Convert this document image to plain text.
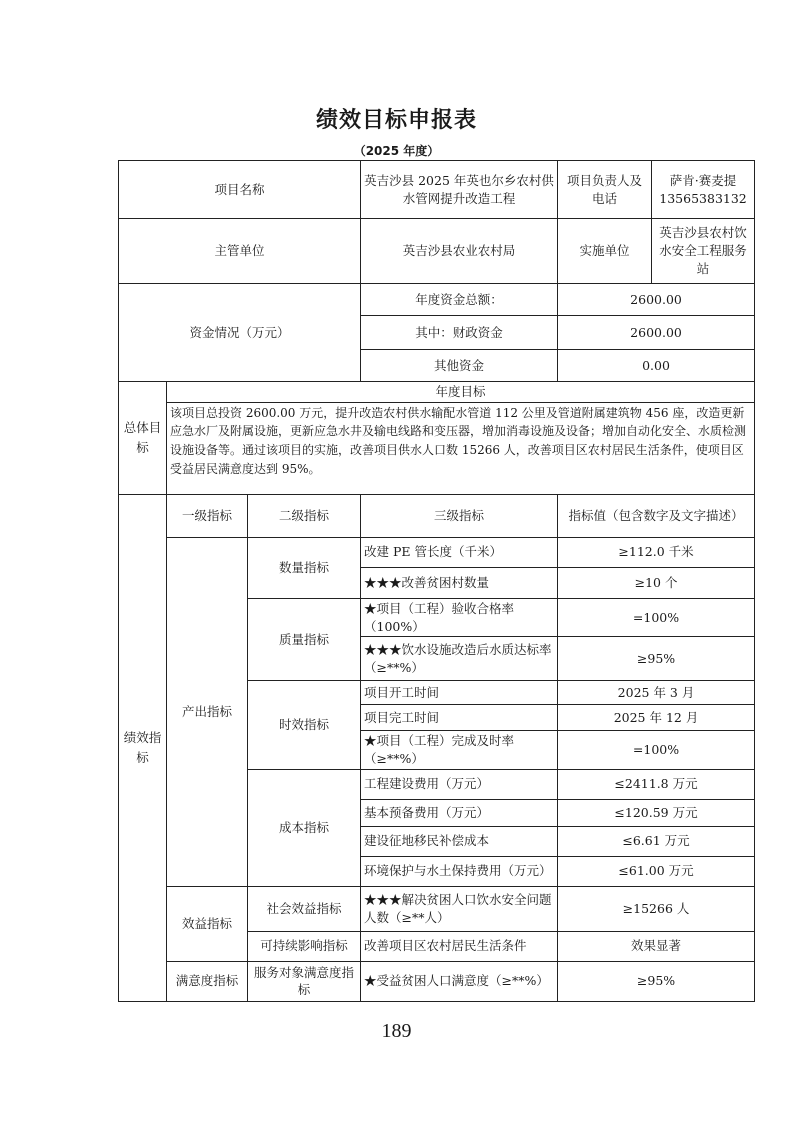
绩效目标申报表
（2025 年度）
项目名称			英吉沙县 2025 年英也尔乡农村供水管网提升改造工程	项目负责人及电话	萨肯·赛麦提 13565383132
主管单位			英吉沙县农业农村局	实施单位	英吉沙县农村饮水安全工程服务站
资金情况（万元）			年度资金总额：	2600.00	
			其中：财政资金	2600.00	
			其他资金	0.00	
总体目标	年度目标				
	该项目总投资 2600.00 万元，提升改造农村供水输配水管道 112 公里及管道附属建筑物 456 座，改造更新应急水厂及附属设施，更新应急水井及输电线路和变压器，增加消毒设施及设备；增加自动化安全、水质检测设施设备等。通过该项目的实施，改善项目供水人口数 15266 人，改善项目区农村居民生活条件，使项目区受益居民满意度达到 95%。				
绩效指标	一级指标	二级指标	三级指标	指标值（包含数字及文字描述）	
	产出指标	数量指标	改建 PE 管长度（千米）	≥112.0 千米	
			★★★改善贫困村数量	≥10 个	
		质量指标	★项目（工程）验收合格率（100%）	=100%	
			★★★饮水设施改造后水质达标率（≥**%）	≥95%	
		时效指标	项目开工时间	2025 年 3 月	
			项目完工时间	2025 年 12 月	
			★项目（工程）完成及时率（≥**%）	=100%	
		成本指标	工程建设费用（万元）	≤2411.8 万元	
			基本预备费用（万元）	≤120.59 万元	
			建设征地移民补偿成本	≤6.61 万元	
			环境保护与水土保持费用（万元）	≤61.00 万元	
	效益指标	社会效益指标	★★★解决贫困人口饮水安全问题人数（≥**人）	≥15266 人	
		可持续影响指标	改善项目区农村居民生活条件	效果显著	
	满意度指标	服务对象满意度指标	★受益贫困人口满意度（≥**%）	≥95%	
189
